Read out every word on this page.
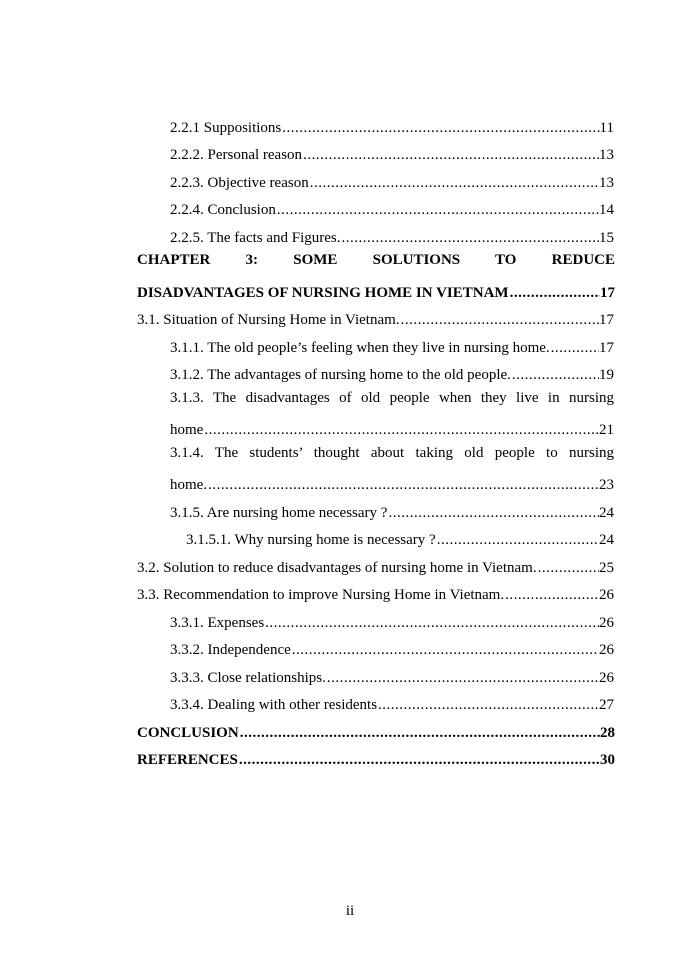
2.2.1 Suppositions .....	11
2.2.2. Personal reason .....	13
2.2.3. Objective reason .....	13
2.2.4. Conclusion .....	14
2.2.5. The facts and Figures. .....	15
CHAPTER 3: SOME SOLUTIONS TO REDUCE
DISADVANTAGES OF NURSING HOME IN VIETNAM .....	17
3.1. Situation of Nursing Home in Vietnam. .....	17
3.1.1. The old people’s feeling when they live in nursing home. .....	17
3.1.2. The advantages of nursing home to the old people. .....	19
3.1.3. The disadvantages of old people when they live in nursing
home .....	21
3.1.4. The students’ thought about taking old people to nursing
home. .....	23
3.1.5. Are nursing home necessary ? .....	24
3.1.5.1. Why nursing home is necessary ? .....	24
3.2. Solution to reduce disadvantages of nursing home in Vietnam. .....	25
3.3. Recommendation to improve Nursing Home in Vietnam. .....	26
3.3.1. Expenses .....	26
3.3.2. Independence .....	26
3.3.3. Close relationships. .....	26
3.3.4. Dealing with other residents .....	27
CONCLUSION .....	28
REFERENCES .....	30
ii
